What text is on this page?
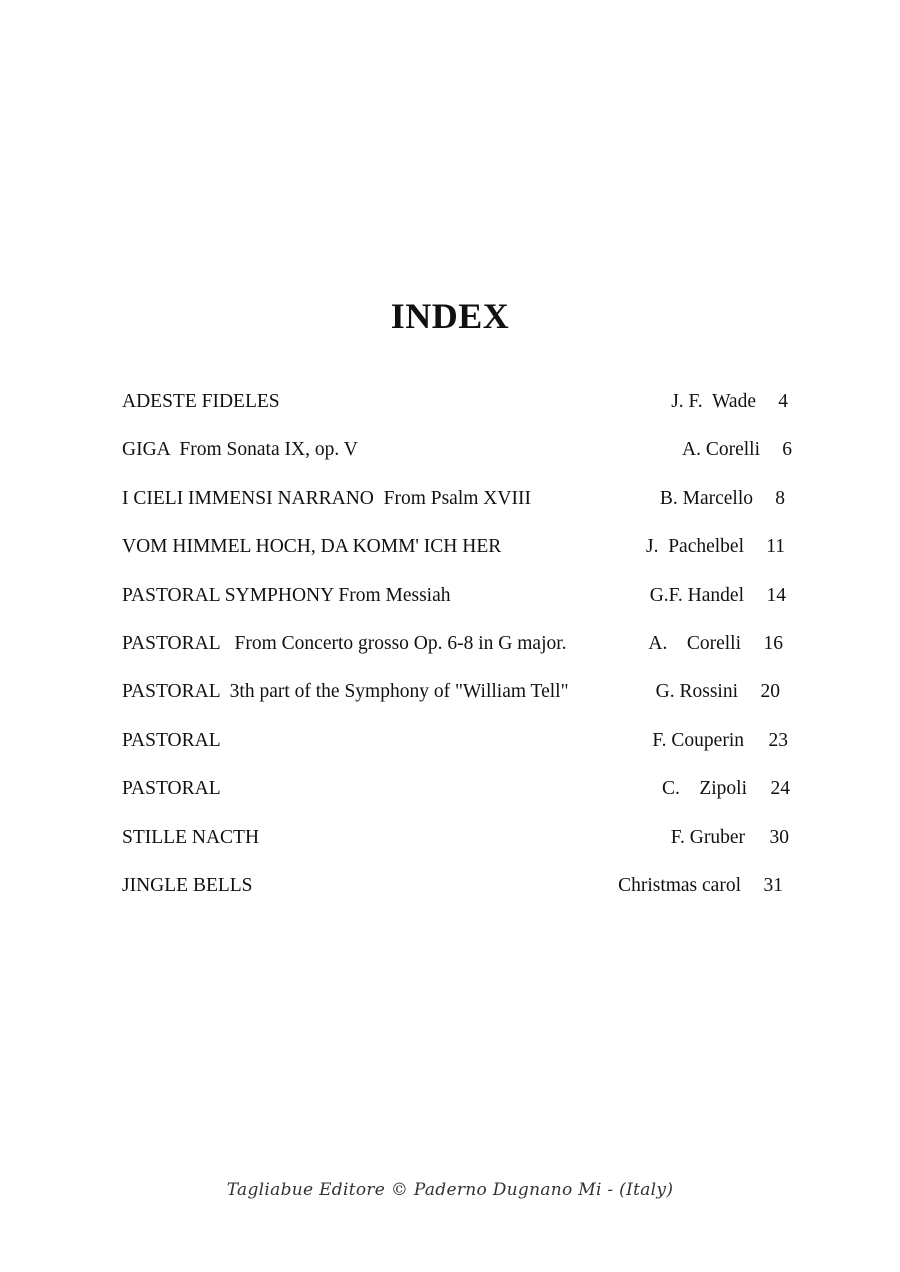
INDEX
ADESTE FIDELES	J. F.  Wade 4
GIGA  From Sonata IX, op. V	A. Corelli 6
I CIELI IMMENSI NARRANO  From Psalm XVIII	B. Marcello 8
VOM HIMMEL HOCH, DA KOMM' ICH HER	J.  Pachelbel 11
PASTORAL SYMPHONY From Messiah	G.F. Handel 14
PASTORAL   From Concerto grosso Op. 6-8 in G major.	A.    Corelli 16
PASTORAL  3th part of the Symphony of "William Tell"	G. Rossini 20
PASTORAL	F. Couperin 23
PASTORAL	C.    Zipoli 24
STILLE NACTH	F. Gruber 30
JINGLE BELLS	Christmas carol 31
Tagliabue Editore © Paderno Dugnano Mi - (Italy)
